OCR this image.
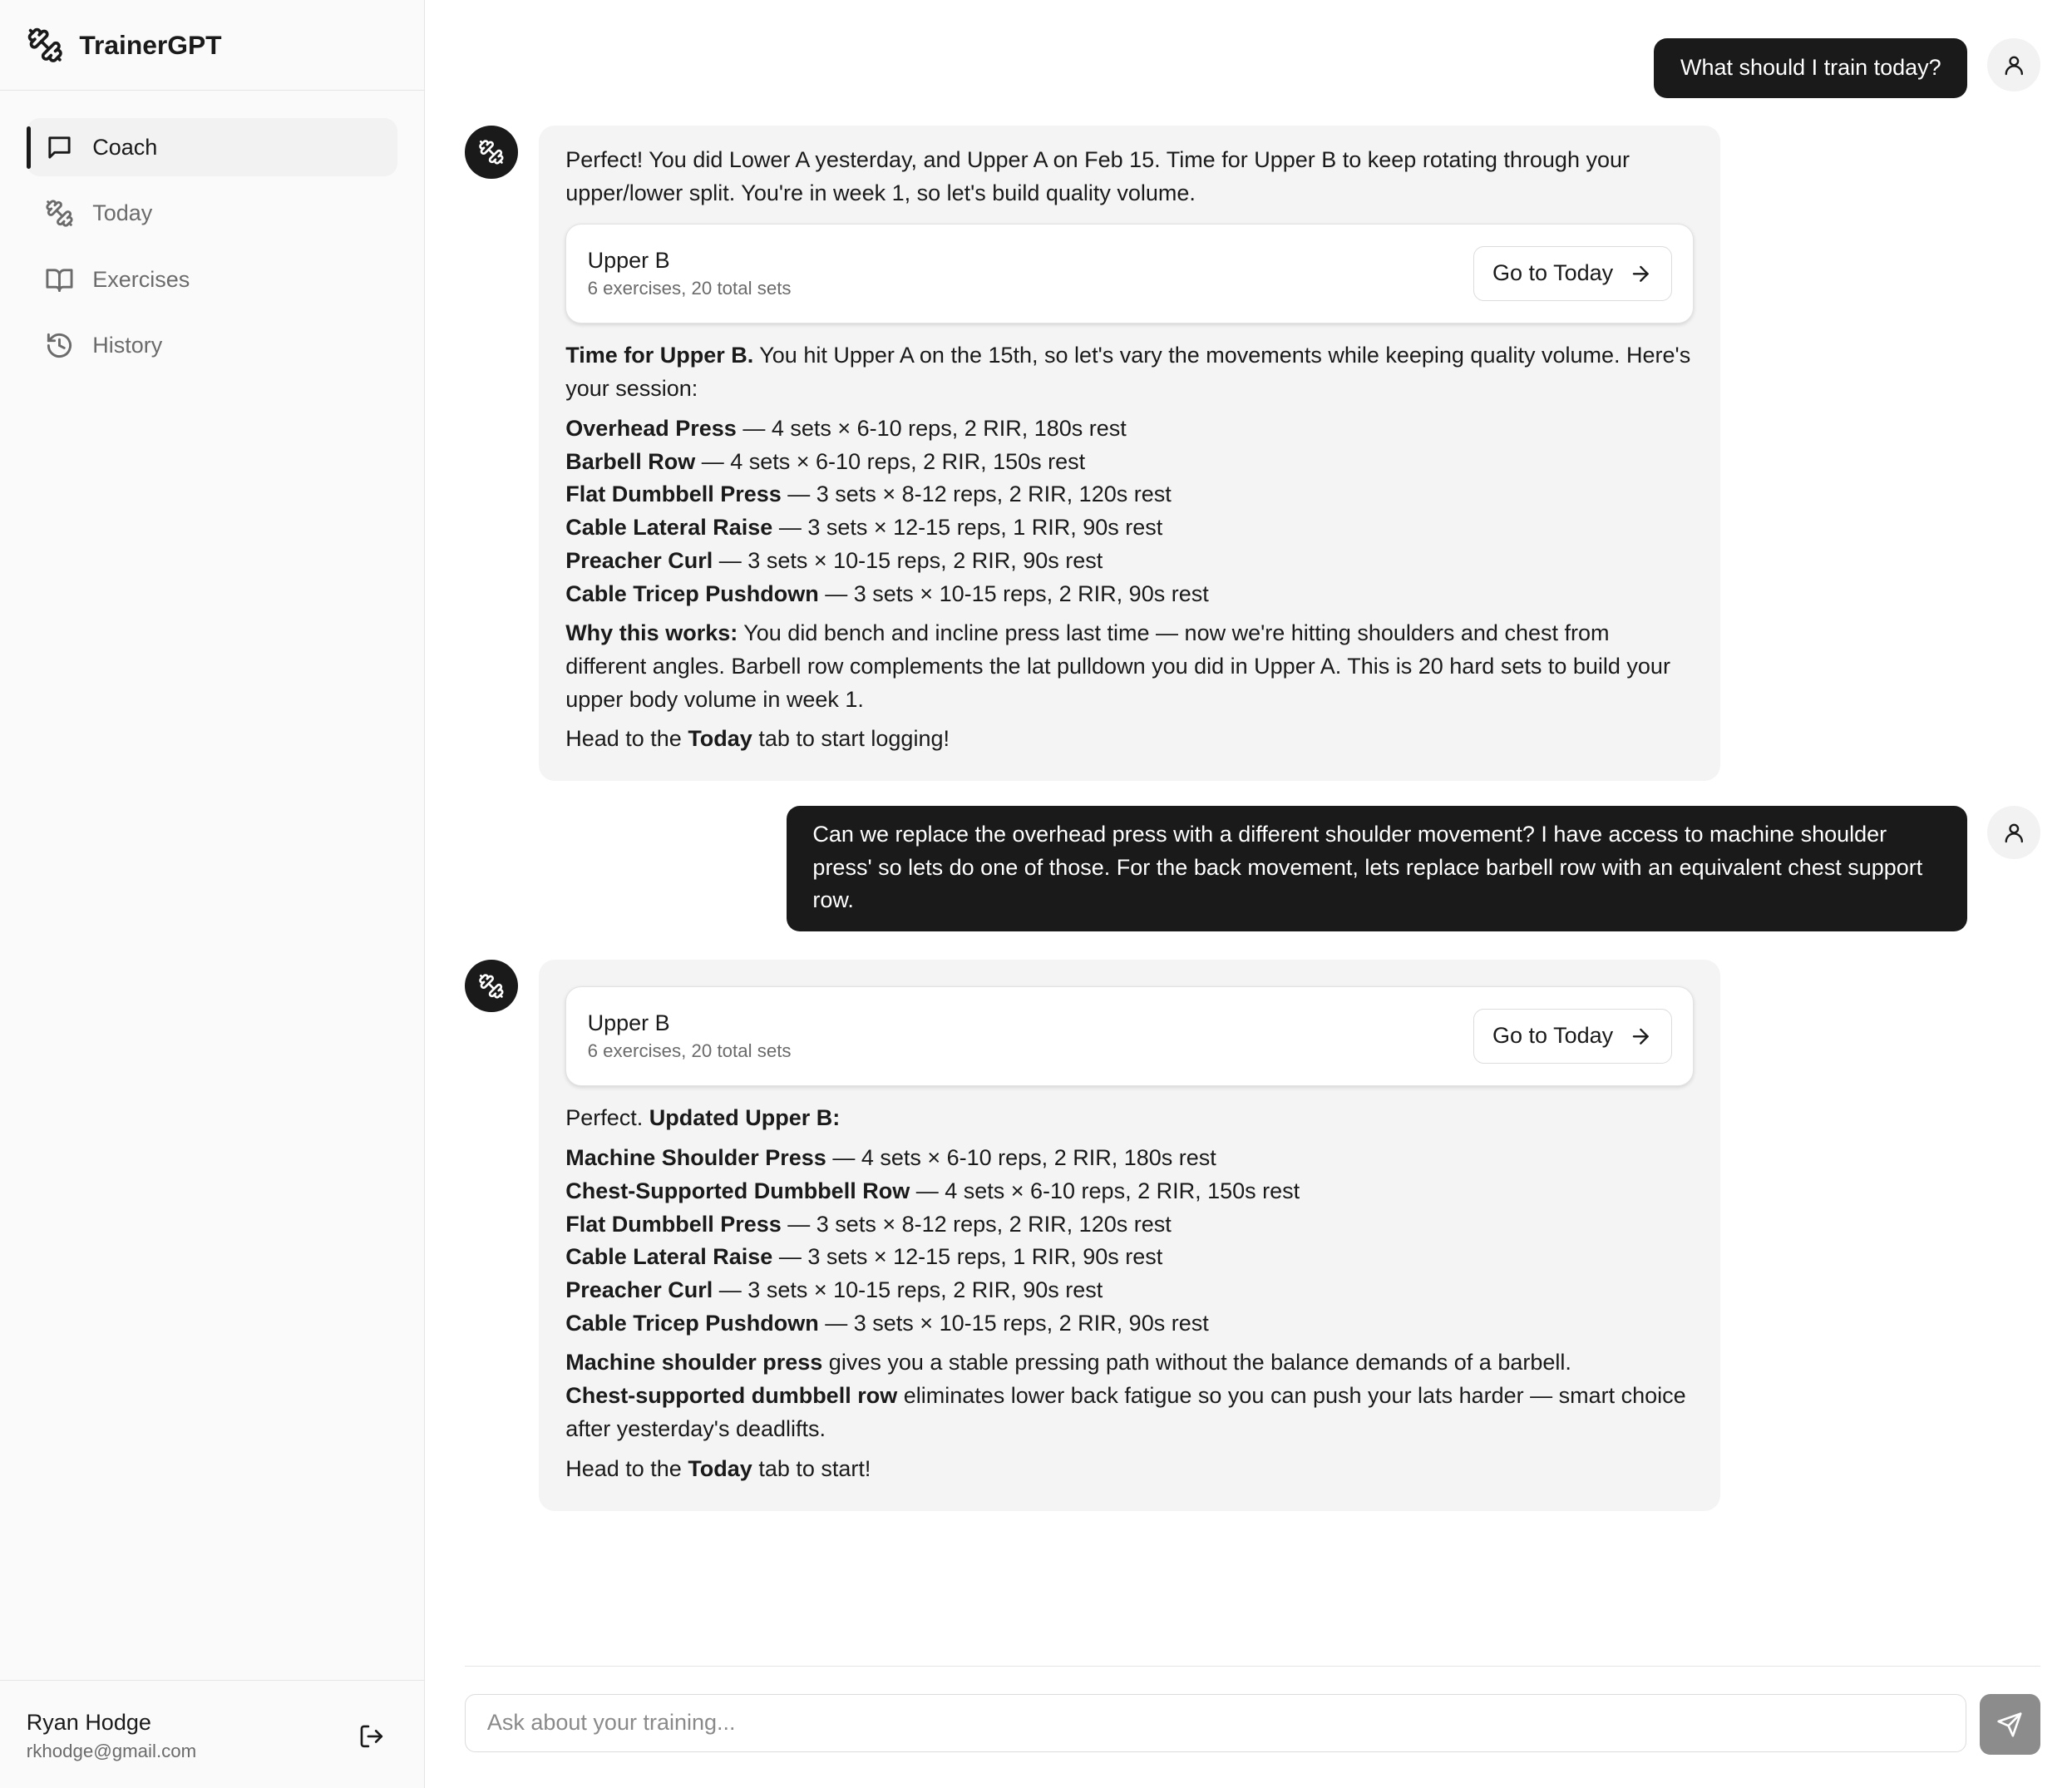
TrainerGPT
Coach
Today
Exercises
History
Ryan Hodge
rkhodge@gmail.com
What should I train today?

Perfect! You did Lower A yesterday, and Upper A on Feb 15. Time for Upper B to keep rotating through your upper/lower split. You're in week 1, so let's build quality volume.

Upper B
6 exercises, 20 total sets
Go to Today

Time for Upper B. You hit Upper A on the 15th, so let's vary the movements while keeping quality volume. Here's your session:

Overhead Press — 4 sets × 6-10 reps, 2 RIR, 180s rest
Barbell Row — 4 sets × 6-10 reps, 2 RIR, 150s rest
Flat Dumbbell Press — 3 sets × 8-12 reps, 2 RIR, 120s rest
Cable Lateral Raise — 3 sets × 12-15 reps, 1 RIR, 90s rest
Preacher Curl — 3 sets × 10-15 reps, 2 RIR, 90s rest
Cable Tricep Pushdown — 3 sets × 10-15 reps, 2 RIR, 90s rest

Why this works: You did bench and incline press last time — now we're hitting shoulders and chest from different angles. Barbell row complements the lat pulldown you did in Upper A. This is 20 hard sets to build your upper body volume in week 1.

Head to the Today tab to start logging!

Can we replace the overhead press with a different shoulder movement? I have access to machine shoulder press' so lets do one of those. For the back movement, lets replace barbell row with an equivalent chest support row.
Upper B
6 exercises, 20 total sets
Go to Today

Perfect. Updated Upper B:

Machine Shoulder Press — 4 sets × 6-10 reps, 2 RIR, 180s rest
Chest-Supported Dumbbell Row — 4 sets × 6-10 reps, 2 RIR, 150s rest
Flat Dumbbell Press — 3 sets × 8-12 reps, 2 RIR, 120s rest
Cable Lateral Raise — 3 sets × 12-15 reps, 1 RIR, 90s rest
Preacher Curl — 3 sets × 10-15 reps, 2 RIR, 90s rest
Cable Tricep Pushdown — 3 sets × 10-15 reps, 2 RIR, 90s rest
Machine shoulder press gives you a stable pressing path without the balance demands of a barbell.
Chest-supported dumbbell row eliminates lower back fatigue so you can push your lats harder — smart choice after yesterday's deadlifts.

Head to the Today tab to start!

Ask about your training...
